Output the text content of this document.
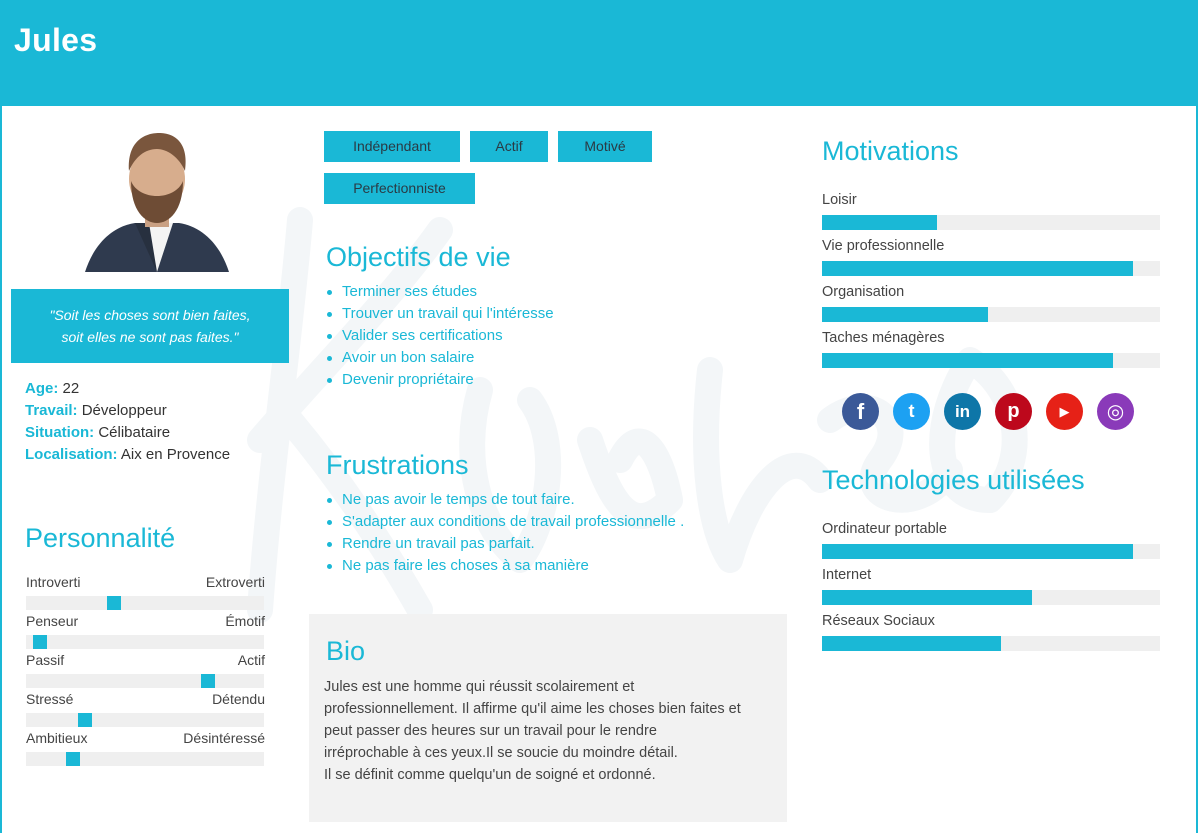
Jules
"Soit les choses sont bien faites,
soit elles ne sont pas faites."
Age: 22
Travail: Développeur
Situation: Célibataire
Localisation: Aix en Provence
Personnalité
Introverti	Extroverti
Penseur	Émotif
Passif	Actif
Stressé	Détendu
Ambitieux	Désintéressé
Indépendant	Actif	Motivé
Perfectionniste
Objectifs de vie
Terminer ses études
Trouver un travail qui l'intéresse
Valider ses certifications
Avoir un bon salaire
Devenir propriétaire
Frustrations
Ne pas avoir le temps de tout faire.
S'adapter aux conditions de travail professionnelle .
Rendre un travail pas parfait.
Ne pas faire les choses à sa manière
Bio
Jules est une homme qui réussit scolairement et
professionnellement. Il affirme qu'il aime les choses bien faites et
peut passer des heures sur un travail pour le rendre
irréprochable à ces yeux.Il se soucie du moindre détail.
Il se définit comme quelqu'un de soigné et ordonné.
Motivations
Loisir
Vie professionnelle
Organisation
Taches ménagères
f t in p	▶ ◎
Technologies utilisées
Ordinateur portable
Internet
Réseaux Sociaux
